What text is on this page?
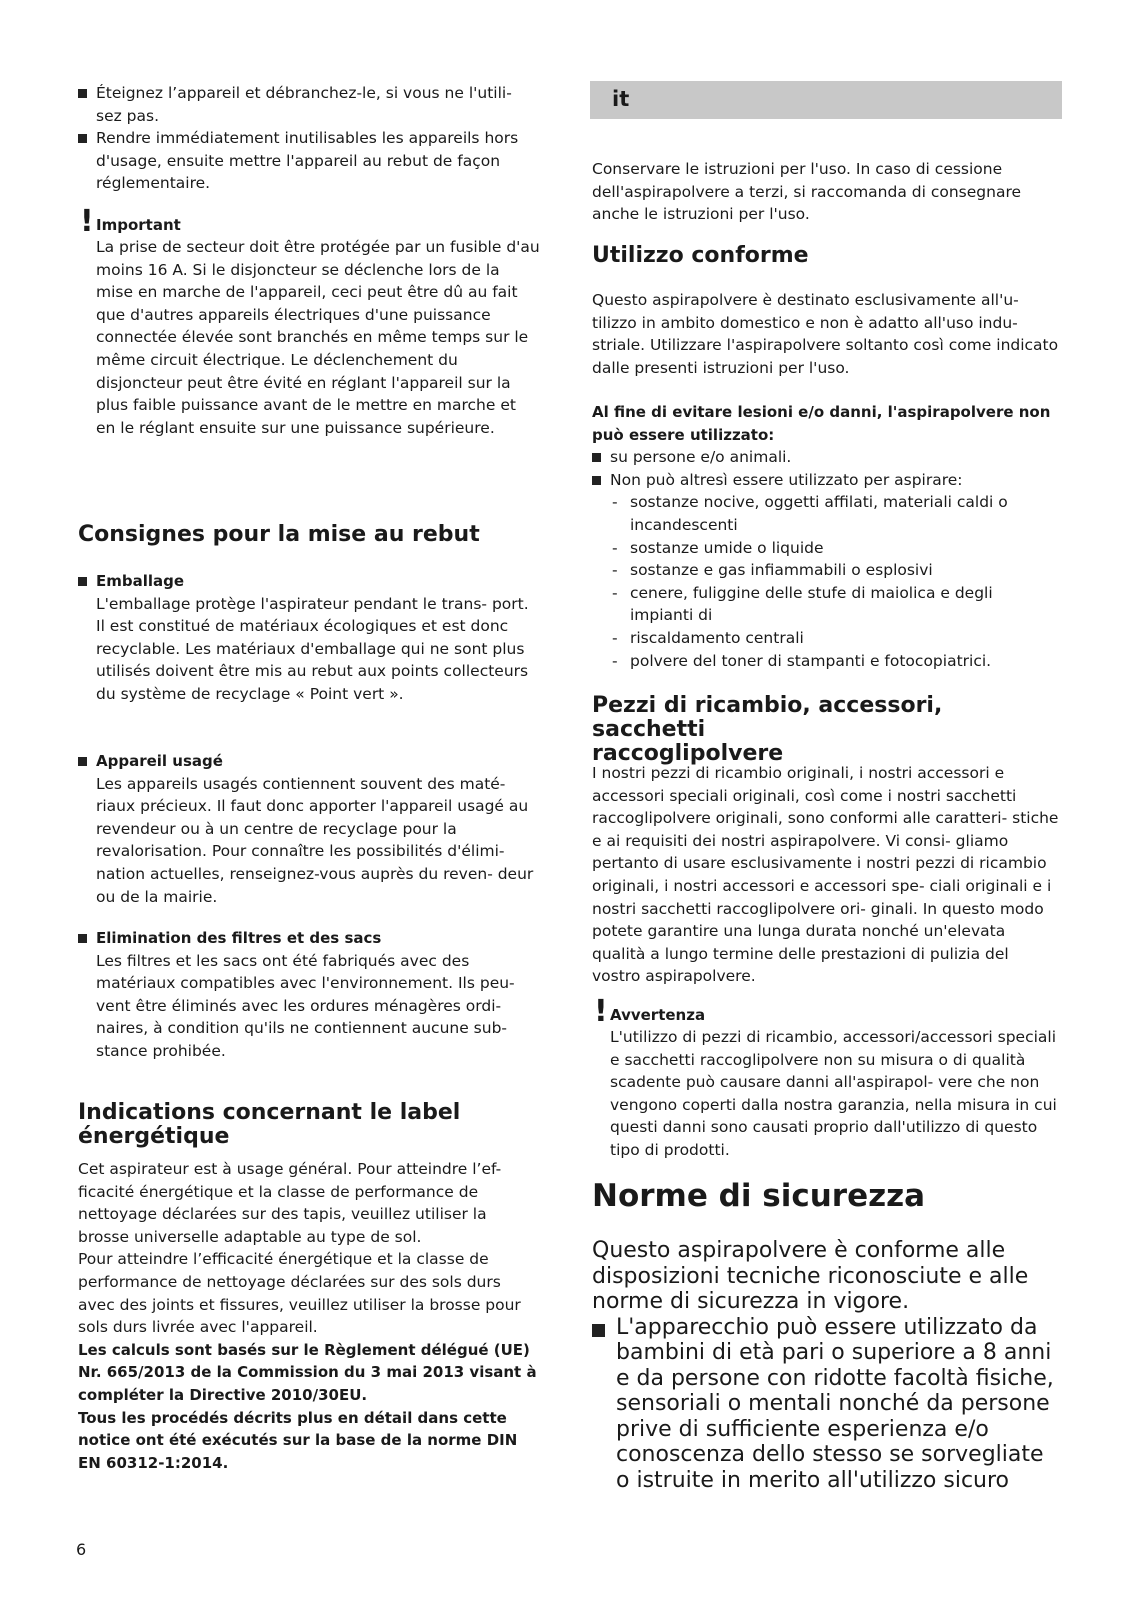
Éteignez l’appareil et débranchez-le, si vous ne l'utili- sez pas.
Rendre immédiatement inutilisables les appareils hors d'usage, ensuite mettre l'appareil au rebut de façon réglementaire.
! Important

La prise de secteur doit être protégée par un fusible d'au moins 16 A. Si le disjoncteur se déclenche lors de la mise en marche de l'appareil, ceci peut être dû au fait que d'autres appareils électriques d'une puissance connectée élevée sont branchés en même temps sur le même circuit électrique. Le déclenchement du disjoncteur peut être évité en réglant l'appareil sur la plus faible puissance avant de le mettre en marche et en le réglant ensuite sur une puissance supérieure.

Consignes pour la mise au rebut

Emballage

L'emballage protège l'aspirateur pendant le trans- port. Il est constitué de matériaux écologiques et est donc recyclable. Les matériaux d'emballage qui ne sont plus utilisés doivent être mis au rebut aux points collecteurs du système de recyclage « Point vert ».

Appareil usagé

Les appareils usagés contiennent souvent des maté- riaux précieux. Il faut donc apporter l'appareil usagé au revendeur ou à un centre de recyclage pour la revalorisation. Pour connaître les possibilités d'élimi- nation actuelles, renseignez-vous auprès du reven- deur ou de la mairie.

Elimination des filtres et des sacs

Les filtres et les sacs ont été fabriqués avec des matériaux compatibles avec l'environnement. Ils peu- vent être éliminés avec les ordures ménagères ordi- naires, à condition qu'ils ne contiennent aucune sub- stance prohibée.

Indications concernant le label
énergétique

Cet aspirateur est à usage général. Pour atteindre l’ef- ficacité énergétique et la classe de performance de nettoyage déclarées sur des tapis, veuillez utiliser la brosse universelle adaptable au type de sol.

Pour atteindre l’efficacité énergétique et la classe de performance de nettoyage déclarées sur des sols durs avec des joints et fissures, veuillez utiliser la brosse pour sols durs livrée avec l'appareil.

Les calculs sont basés sur le Règlement délégué (UE) Nr. 665/2013 de la Commission du 3 mai 2013 visant à compléter la Directive 2010/30EU.

Tous les procédés décrits plus en détail dans cette notice ont été exécutés sur la base de la norme DIN EN 60312-1:2014.

it

Conservare le istruzioni per l'uso. In caso di cessione dell'aspirapolvere a terzi, si raccomanda di consegnare anche le istruzioni per l'uso.

Utilizzo conforme

Questo aspirapolvere è destinato esclusivamente all'u- tilizzo in ambito domestico e non è adatto all'uso indu- striale. Utilizzare l'aspirapolvere soltanto così come indicato dalle presenti istruzioni per l'uso.

Al fine di evitare lesioni e/o danni, l'aspirapolvere non può essere utilizzato:

su persone e/o animali.
Non può altresì essere utilizzato per aspirare:
- sostanze nocive, oggetti affilati, materiali caldi o incandescenti
- sostanze umide o liquide
- sostanze e gas infiammabili o esplosivi
- cenere, fuliggine delle stufe di maiolica e degli impianti di
- riscaldamento centrali
- polvere del toner di stampanti e fotocopiatrici.
Pezzi di ricambio, accessori, sacchetti
raccoglipolvere

I nostri pezzi di ricambio originali, i nostri accessori e accessori speciali originali, così come i nostri sacchetti raccoglipolvere originali, sono conformi alle caratteri- stiche e ai requisiti dei nostri aspirapolvere. Vi consi- gliamo pertanto di usare esclusivamente i nostri pezzi di ricambio originali, i nostri accessori e accessori spe- ciali originali e i nostri sacchetti raccoglipolvere ori- ginali. In questo modo potete garantire una lunga durata nonché un'elevata qualità a lungo termine delle prestazioni di pulizia del vostro aspirapolvere.

! Avvertenza

L'utilizzo di pezzi di ricambio, accessori/accessori speciali e sacchetti raccoglipolvere non su misura o di qualità scadente può causare danni all'aspirapol- vere che non vengono coperti dalla nostra garanzia, nella misura in cui questi danni sono causati proprio dall'utilizzo di questo tipo di prodotti.

Norme di sicurezza

Questo aspirapolvere è conforme alle disposizioni tecniche riconosciute e alle norme di sicurezza in vigore.

L'apparecchio può essere utilizzato da bambini di età pari o superiore a 8 anni e da persone con ridotte facoltà fisiche, sensoriali o mentali nonché da persone prive di sufficiente esperienza e/o conoscenza dello stesso se sorvegliate o istruite in merito all'utilizzo sicuro
6
